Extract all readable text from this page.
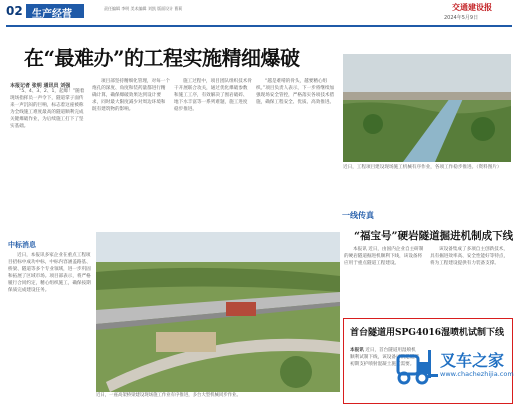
02 生产经营
责任编辑 李明 美术编辑 刘凯 版面设计 曹莉	交通建设报
2024年5月9日
在“最难办”的工程实施精细爆破
本报记者 张明 通讯员 刘强

“5、4、3、2、1，起爆！”随着现场指挥员一声令下，隧道掌子面传来一声沉闷的巨响，标志着这座被称为全线施工难度最高的隧道顺利完成关键爆破作业，为后续施工打下了坚实基础。

项目部坚持精细化管理，对每一个炮孔的深度、角度和装药量都进行精确计算，确保爆破效果达到设计要求，同时最大限度减少对周边环境和既有建筑物的影响。

施工过程中，项目团队组织技术骨干开展联合攻关，通过优化爆破参数和施工工序，有效解决了围岩破碎、地下水丰富等一系列难题，施工进度稳步推进。

“越是难啃的骨头，越要精心组织。”项目负责人表示，下一步将继续加强现场安全管控，严格落实各项技术措施，确保工程安全、优质、高效推进。

近日，工程项目建设现场施工机械有序作业，各项工作稳步推进。（资料图片）
一线传真
“福宝号”硬岩隧道掘进机制成下线

本报讯 近日，由国内企业自主研制的硬岩隧道掘进机顺利下线，该设备将应用于重点隧道工程建设。

该设备集成了多项自主创新技术，具有掘进效率高、安全性能好等特点，将为工程建设提供有力装备支撑。

中标消息

近日，本报讯多家企业在重点工程项目招标中成功中标，中标内容涵盖路基、桥梁、隧道等多个专业领域，进一步巩固和拓展了区域市场。项目部表示，将严格履行合同约定，精心组织施工，确保按期保质完成建设任务。

近日，一座高架桥梁建设现场施工作业有序推进，多台大型机械同步作业。
首台隧道用SPG4016湿喷机试制下线
本报讯 近日，首台隧道用湿喷机顺利试制下线，该设备可满足隧道初期支护喷射混凝土施工需要。	叉车之家
www.chachezhijia.com
